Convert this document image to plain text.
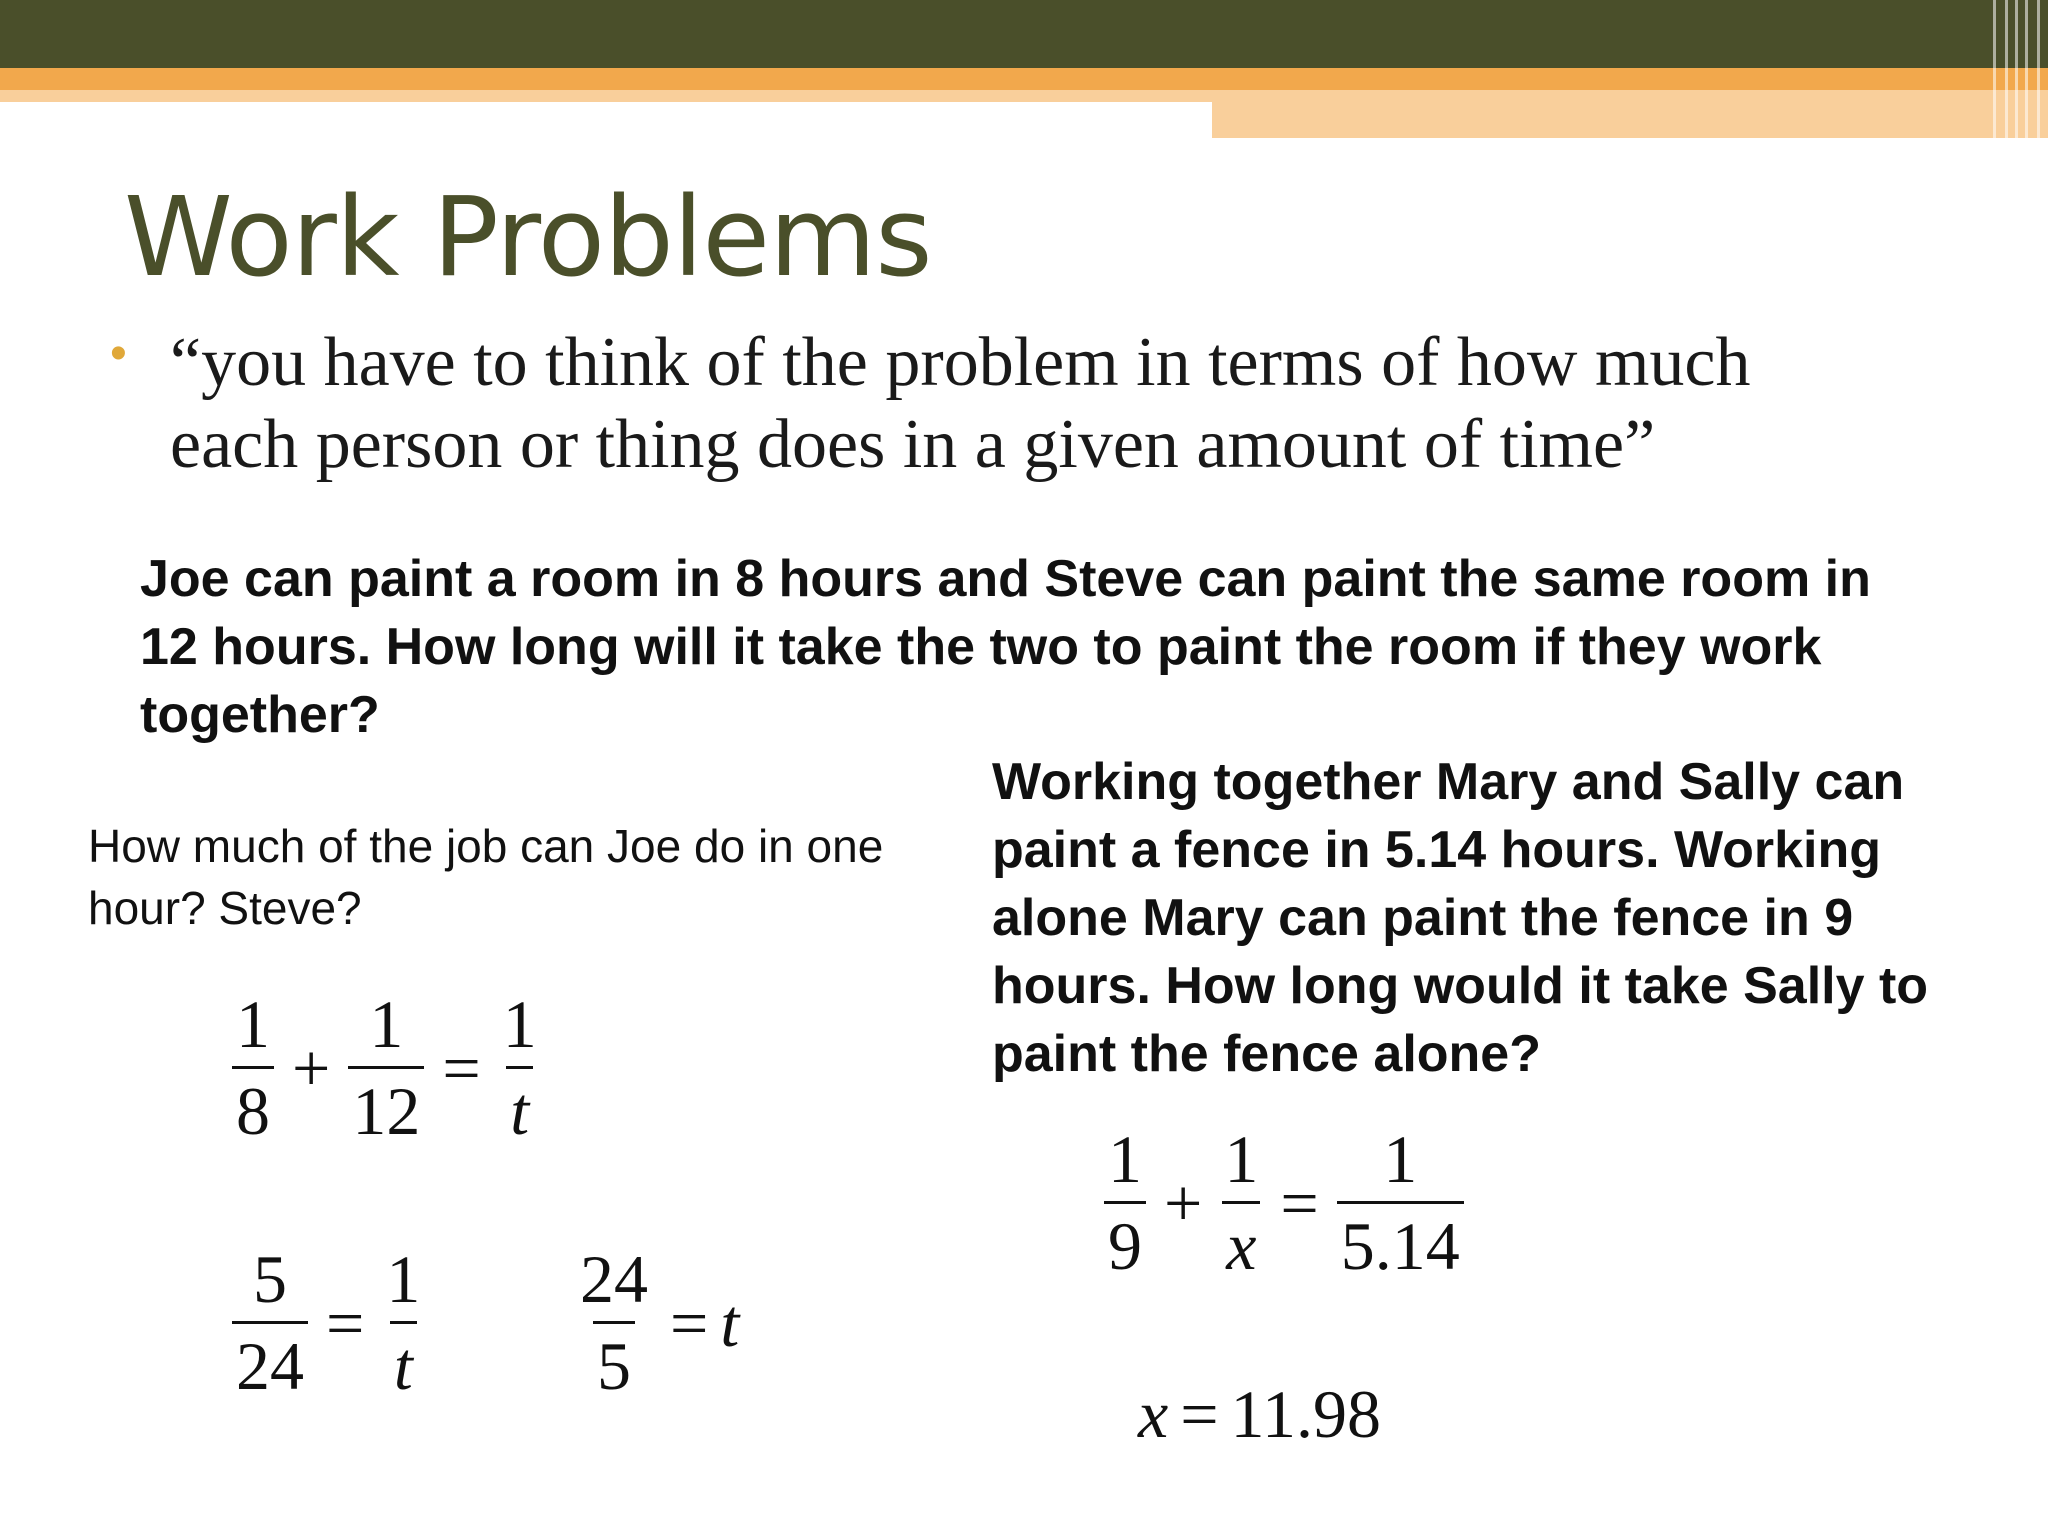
Work Problems
• “you have to think of the problem in terms of how much each person or thing does in a given amount of time”
Joe can paint a room in 8 hours and Steve can paint the same room in 12 hours. How long will it take the two to paint the room if they work together?
How much of the job can Joe do in one hour? Steve?
Working together Mary and Sally can paint a fence in 5.14 hours. Working alone Mary can paint the fence in 9 hours. How long would it take Sally to paint the fence alone?
$\frac{1}{8} + \frac{1}{12} = \frac{1}{t}$
$\frac{5}{24} = \frac{1}{t} \frac{24}{5} = t$
$\frac{1}{9} + \frac{1}{x} = \frac{1}{5.14}$
x = 11.98
